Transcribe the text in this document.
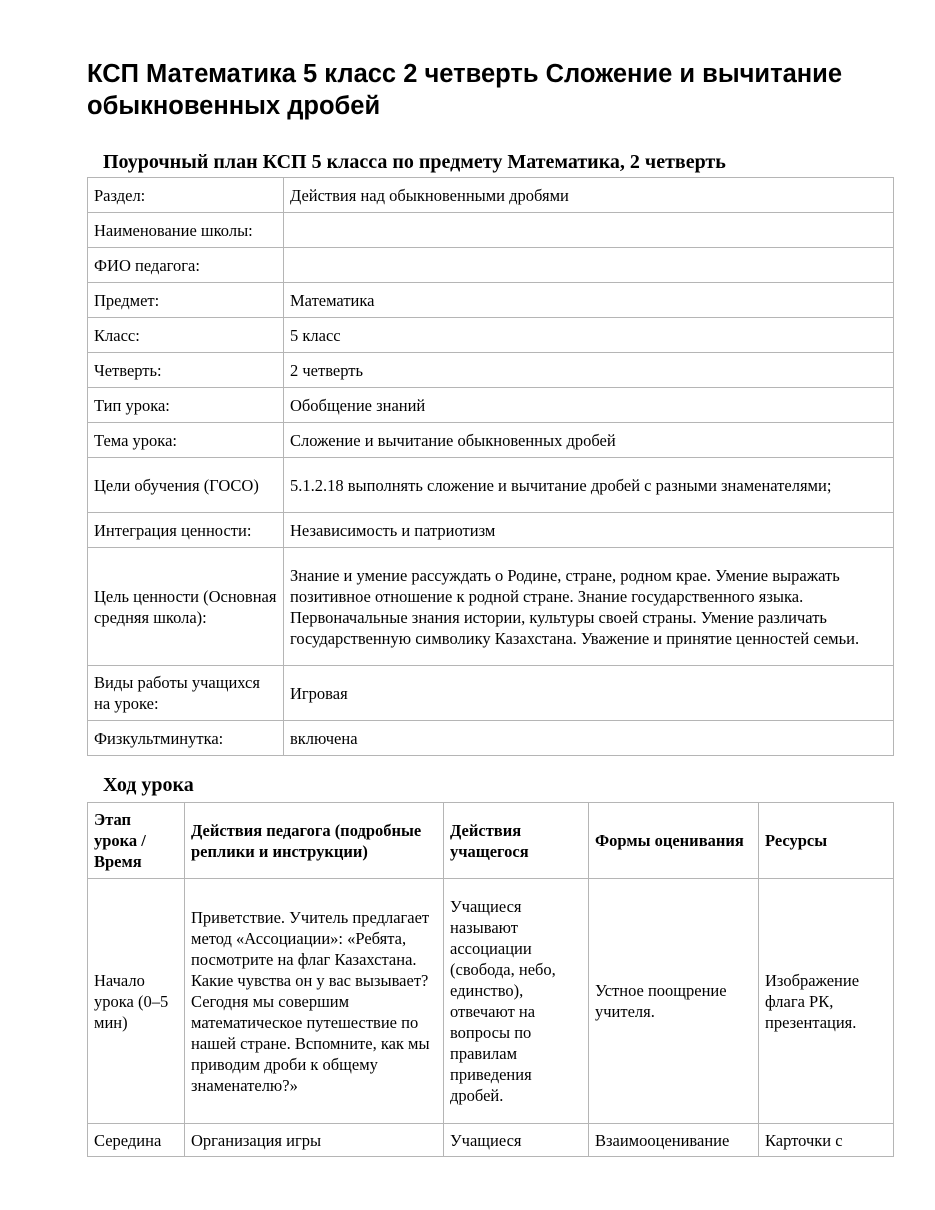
КСП Математика 5 класс 2 четверть Сложение и вычитание обыкновенных дробей
Поурочный план КСП 5 класса по предмету Математика, 2 четверть
Раздел:	Действия над обыкновенными дробями
Наименование школы:	
ФИО педагога:	
Предмет:	Математика
Класс:	5 класс
Четверть:	2 четверть
Тип урока:	Обобщение знаний
Тема урока:	Сложение и вычитание обыкновенных дробей
Цели обучения (ГОСО)	5.1.2.18 выполнять сложение и вычитание дробей с разными знаменателями;
Интеграция ценности:	Независимость и патриотизм
Цель ценности (Основная средняя школа):	Знание и умение рассуждать о Родине, стране, родном крае. Умение выражать позитивное отношение к родной стране. Знание государственного языка. Первоначальные знания истории, культуры своей страны. Умение различать государственную символику Казахстана. Уважение и принятие ценностей семьи.
Виды работы учащихся на уроке:	Игровая
Физкультминутка:	включена
Ход урока
Этап урока / Время	Действия педагога (подробные реплики и инструкции)	Действия учащегося	Формы оценивания	Ресурсы
Начало урока (0–5 мин)	Приветствие. Учитель предлагает метод «Ассоциации»: «Ребята, посмотрите на флаг Казахстана. Какие чувства он у вас вызывает? Сегодня мы совершим математическое путешествие по нашей стране. Вспомните, как мы приводим дроби к общему знаменателю?»	Учащиеся называют ассоциации (свобода, небо, единство), отвечают на вопросы по правилам приведения дробей.	Устное поощрение учителя.	Изображение флага РК, презентация.
Середина	Организация игры	Учащиеся	Взаимооценивание	Карточки с
